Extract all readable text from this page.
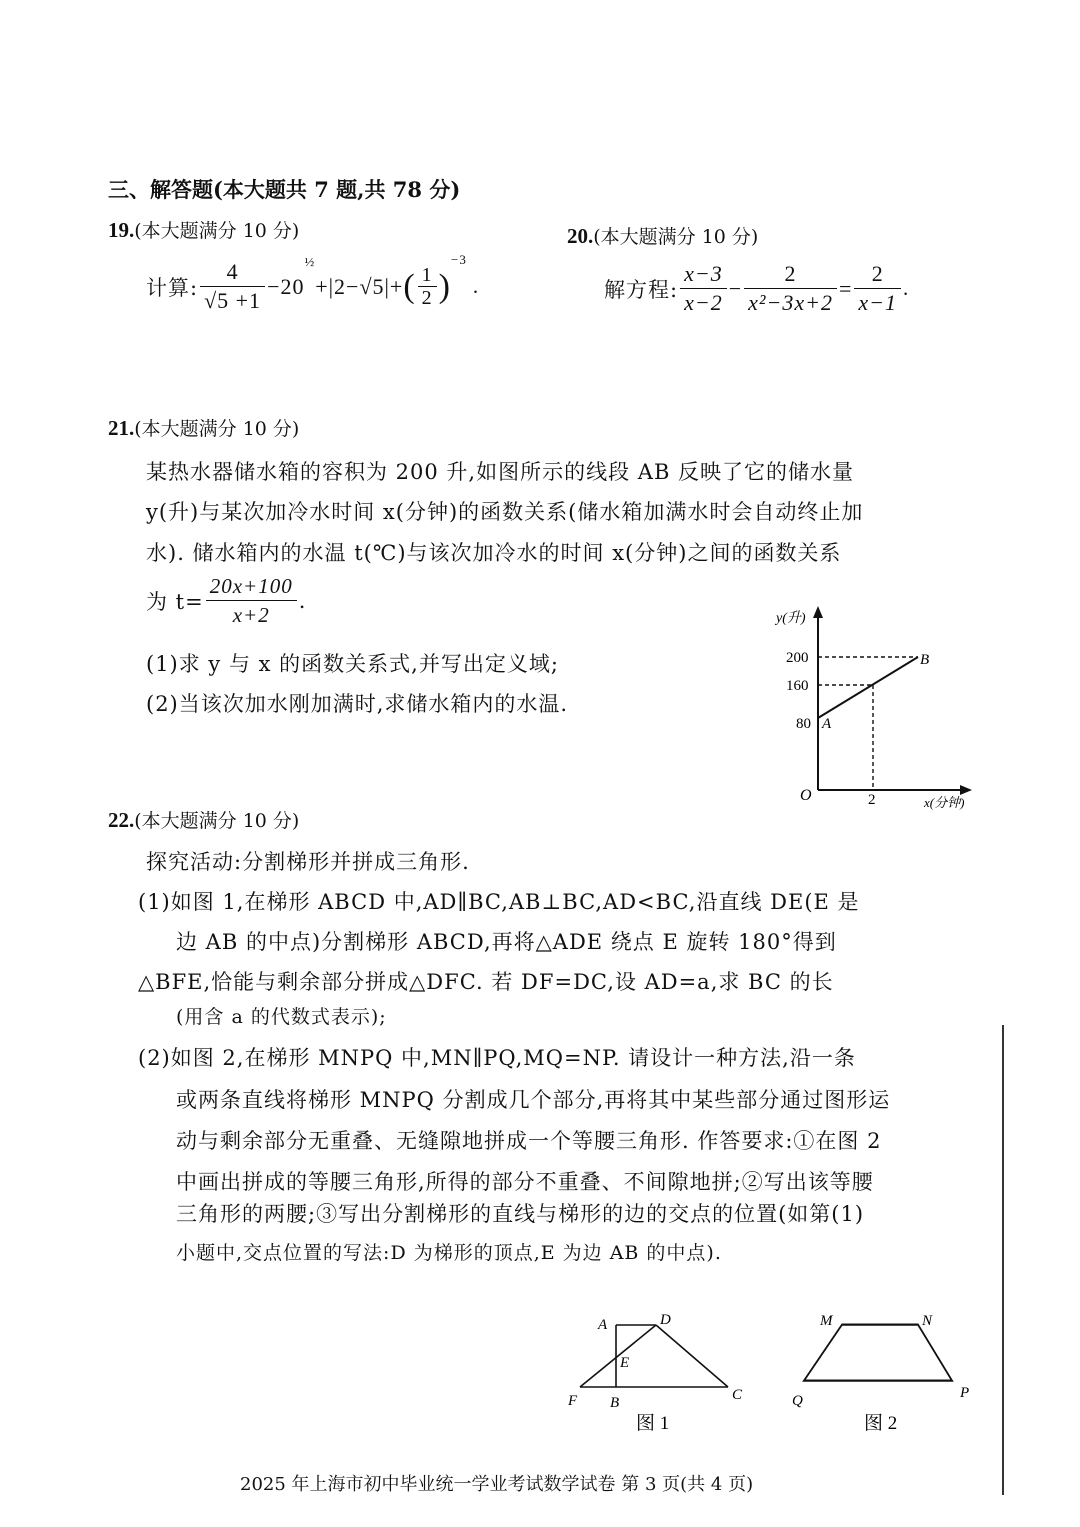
三、解答题(本大题共 7 题,共 78 分)
19.(本大题满分 10 分)
计算: $\frac{4}{√5 +1} -20$
½
+|2−√5|+ ( $\frac{1}{2}$ )
$^{-3}$
.
20.(本大题满分 10 分)
解方程: $\frac{x-3}{x-2} - \frac{2}{\text{x²−3x+2}} = \frac{2}{x-1}$ .
21.(本大题满分 10 分)
某热水器储水箱的容积为 200 升,如图所示的线段 AB 反映了它的储水量
y(升)与某次加冷水时间 x(分钟)的函数关系(储水箱加满水时会自动终止加
水). 储水箱内的水温 t(℃)与该次加冷水的时间 x(分钟)之间的函数关系
为 $t= \frac{20x+100}{x+2}$ .
(1)求 y 与 x 的函数关系式,并写出定义域;
(2)当该次加水刚加满时,求储水箱内的水温.
y(升)
200
160
80 A
B
O	2	x(分钟)
22.(本大题满分 10 分)
探究活动:分割梯形并拼成三角形.
(1)如图 1,在梯形 ABCD 中,AD∥BC,AB⊥BC,AD<BC,沿直线 DE(E 是
边 AB 的中点)分割梯形 ABCD,再将△ADE 绕点 E 旋转 180°得到
△BFE,恰能与剩余部分拼成△DFC. 若 DF=DC,设 AD=a,求 BC 的长
(用含 a 的代数式表示);
(2)如图 2,在梯形 MNPQ 中,MN∥PQ,MQ=NP. 请设计一种方法,沿一条
或两条直线将梯形 MNPQ 分割成几个部分,再将其中某些部分通过图形运
动与剩余部分无重叠、无缝隙地拼成一个等腰三角形. 作答要求:①在图 2
中画出拼成的等腰三角形,所得的部分不重叠、不间隙地拼;②写出该等腰
三角形的两腰;③写出分割梯形的直线与梯形的边的交点的位置(如第(1)
小题中,交点位置的写法:D 为梯形的顶点,E 为边 AB 的中点).
A	D
E
F B	C
图 1
M	N
Q	P
图 2
2025 年上海市初中毕业统一学业考试数学试卷 第 3 页(共 4 页)
